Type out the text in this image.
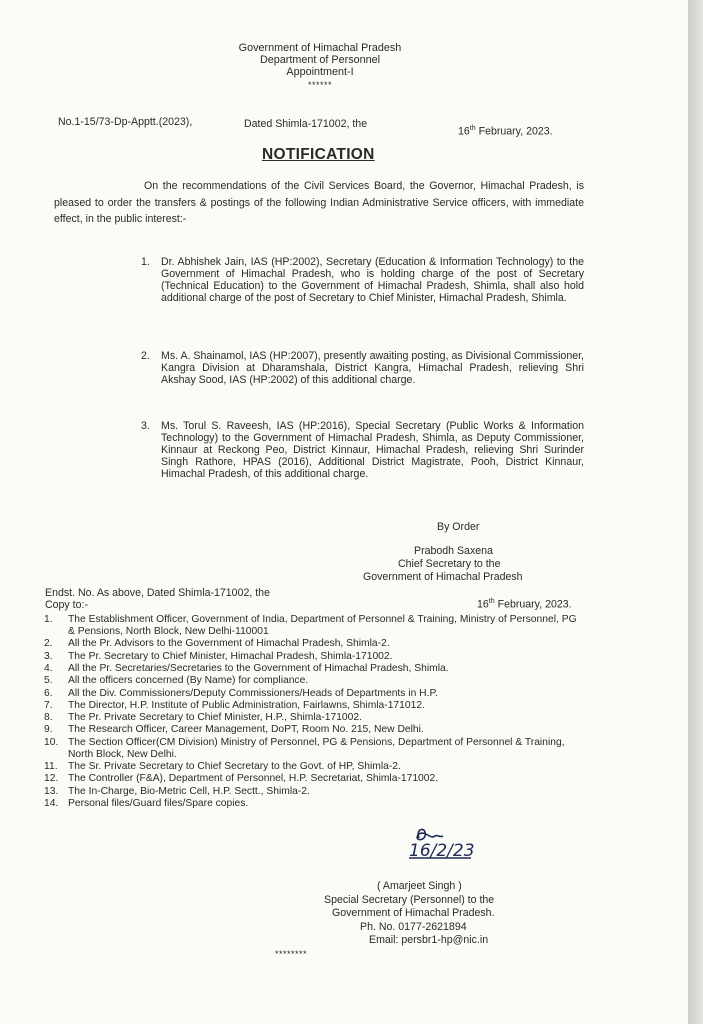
Government of Himachal Pradesh
Department of Personnel
Appointment-I
******
No.1-15/73-Dp-Apptt.(2023),	Dated Shimla-171002, the
16th February, 2023.
NOTIFICATION
On the recommendations of the Civil Services Board, the Governor, Himachal Pradesh, is pleased to order the transfers & postings of the following Indian Administrative Service officers, with immediate effect, in the public interest:-
1. Dr. Abhishek Jain, IAS (HP:2002), Secretary (Education & Information Technology) to the Government of Himachal Pradesh, who is holding charge of the post of Secretary (Technical Education) to the Government of Himachal Pradesh, Shimla, shall also hold additional charge of the post of Secretary to Chief Minister, Himachal Pradesh, Shimla.
2. Ms. A. Shainamol, IAS (HP:2007), presently awaiting posting, as Divisional Commissioner, Kangra Division at Dharamshala, District Kangra, Himachal Pradesh, relieving Shri Akshay Sood, IAS (HP:2002) of this additional charge.
3. Ms. Torul S. Raveesh, IAS (HP:2016), Special Secretary (Public Works & Information Technology) to the Government of Himachal Pradesh, Shimla, as Deputy Commissioner, Kinnaur at Reckong Peo, District Kinnaur, Himachal Pradesh, relieving Shri Surinder Singh Rathore, HPAS (2016), Additional District Magistrate, Pooh, District Kinnaur, Himachal Pradesh, of this additional charge.
By Order
Prabodh Saxena
Chief Secretary to the
Government of Himachal Pradesh
Endst. No. As above, Dated Shimla-171002, the
Copy to:-	16th February, 2023.
1.	The Establishment Officer, Government of India, Department of Personnel & Training, Ministry of Personnel, PG & Pensions, North Block, New Delhi-110001
2.	All the Pr. Advisors to the Government of Himachal Pradesh, Shimla-2.
3.	The Pr. Secretary to Chief Minister, Himachal Pradesh, Shimla-171002.
4.	All the Pr. Secretaries/Secretaries to the Government of Himachal Pradesh, Shimla.
5.	All the officers concerned (By Name) for compliance.
6.	All the Div. Commissioners/Deputy Commissioners/Heads of Departments in H.P.
7.	The Director, H.P. Institute of Public Administration, Fairlawns, Shimla-171012.
8.	The Pr. Private Secretary to Chief Minister, H.P., Shimla-171002.
9.	The Research Officer, Career Management, DoPT, Room No. 215, New Delhi.
10. The Section Officer(CM Division) Ministry of Personnel, PG & Pensions, Department of Personnel & Training, North Block, New Delhi.
11.	The Sr. Private Secretary to Chief Secretary to the Govt. of HP, Shimla-2.
12. The Controller (F&A), Department of Personnel, H.P. Secretariat, Shimla-171002.
13. The In-Charge, Bio-Metric Cell, H.P. Sectt., Shimla-2.
14. Personal files/Guard files/Spare copies.
16/2/23
( Amarjeet Singh )
Special Secretary (Personnel) to the
Government of Himachal Pradesh.
Ph. No. 0177-2621894
Email: persbr1-hp@nic.in
********
